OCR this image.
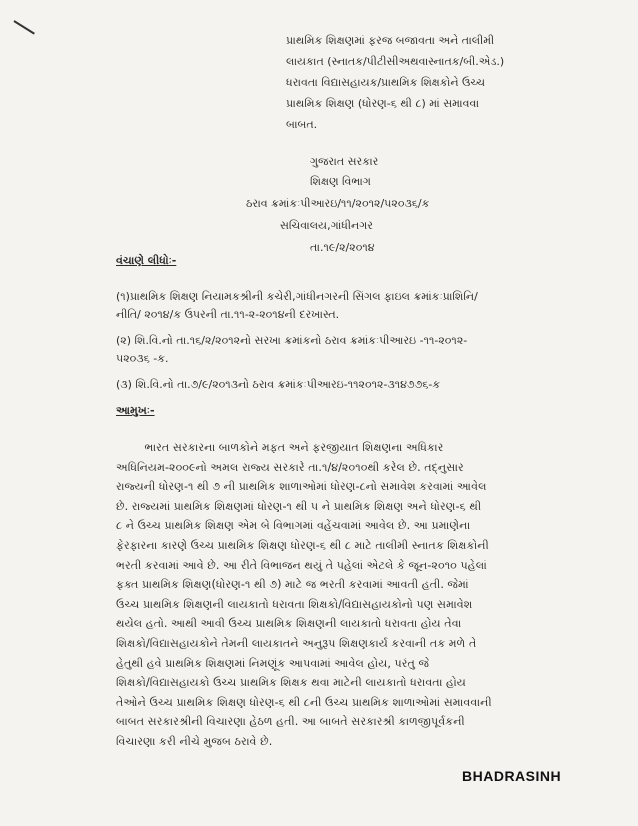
પ્રાથમિક શિક્ષણમાં ફરજ બજાવતા અને તાલીમી
લાયકાત (સ્નાતક/પીટીસીઅથવાસ્નાતક/બી.એડ.)
ધરાવતા વિદ્યાસહાયક/પ્રાથમિક શિક્ષકોને ઉચ્ચ
પ્રાથમિક શિક્ષણ (ધોરણ-૬ થી ૮) માં સમાવવા
બાબત.
ગુજરાત સરકાર
શિક્ષણ વિભાગ
ઠરાવ ક્રમાંકઃપીઆરઇ/૧૧/૨૦૧૨/૫૨૦૩૬/ક
સચિવાલય,ગાંધીનગર
તા.૧૯/૨/૨૦૧૪
વંચાણે લીધોઃ-
(૧)પ્રાથમિક શિક્ષણ નિયામકશ્રીની કચેરી,ગાંધીનગરની સિંગલ ફાઇલ ક્રમાંકઃપ્રાશિનિ/
નીતિ/ ૨૦૧૪/ક ઉપરની તા.૧૧-૨-૨૦૧૪ની દરખાસ્ત.
(૨) શિ.વિ.નો તા.૧૬/૨/૨૦૧૨નો સરખા ક્રમાંકનો ઠરાવ ક્રમાંકઃપીઆરઇ -૧૧-૨૦૧૨-
૫૨૦૩૬ -ક.
(૩) શિ.વિ.નો તા.૭/૯/૨૦૧૩નો ઠરાવ ક્રમાંકઃપીઆરઇ-૧૧૨૦૧૨-૩૧૪૭૭૬-ક
આમુખઃ-
ભારત સરકારના બાળકોને મફત અને ફરજીયાત શિક્ષણના અધિકાર
અધિનિયમ-૨૦૦૯નો અમલ રાજ્ય સરકારે તા.૧/૪/૨૦૧૦થી કરેલ છે. તદ્નુસાર
રાજ્યની ધોરણ-૧ થી ૭ ની પ્રાથમિક શાળાઓમાં ધોરણ-૮નો સમાવેશ કરવામાં આવેલ
છે. રાજ્યમાં પ્રાથમિક શિક્ષણમાં ધોરણ-૧ થી ૫ ને પ્રાથમિક શિક્ષણ અને ધોરણ-૬ થી
૮ ને ઉચ્ચ પ્રાથમિક શિક્ષણ એમ બે વિભાગમાં વહેંચવામાં આવેલ છે. આ પ્રમાણેના
ફેરફારના કારણે ઉચ્ચ પ્રાથમિક શિક્ષણ ધોરણ-૬ થી ૮ માટે તાલીમી સ્નાતક શિક્ષકોની
ભરતી કરવામાં આવે છે. આ રીતે વિભાજન થયું તે પહેલાં એટલે કે જૂન-૨૦૧૦ પહેલાં
ફક્ત પ્રાથમિક શિક્ષણ(ધોરણ-૧ થી ૭) માટે જ ભરતી કરવામાં આવતી હતી. જેમાં
ઉચ્ચ પ્રાથમિક શિક્ષણની લાયકાતો ધરાવતા શિક્ષકો/વિદ્યાસહાયકોનો પણ સમાવેશ
થયેલ હતો. આથી આવી ઉચ્ચ પ્રાથમિક શિક્ષણની લાયકાતો ધરાવતા હોય તેવા
શિક્ષકો/વિદ્યાસહાયકોને તેમની લાયકાતને અનુરૂપ શિક્ષણકાર્ય કરવાની તક મળે તે
હેતુથી હવે પ્રાથમિક શિક્ષણમાં નિમણૂંક આપવામાં આવેલ હોય, પરંતુ જે
શિક્ષકો/વિદ્યાસહાયકો ઉચ્ચ પ્રાથમિક શિક્ષક થવા માટેની લાયકાતો ધરાવતા હોય
તેઓને ઉચ્ચ પ્રાથમિક શિક્ષણ ધોરણ-૬ થી ૮ની ઉચ્ચ પ્રાથમિક શાળાઓમાં સમાવવાની
બાબત સરકારશ્રીની વિચારણા હેઠળ હતી. આ બાબતે સરકારશ્રી કાળજીપૂર્વકની
વિચારણા કરી નીચે મુજબ ઠરાવે છે.
BHADRASINH
